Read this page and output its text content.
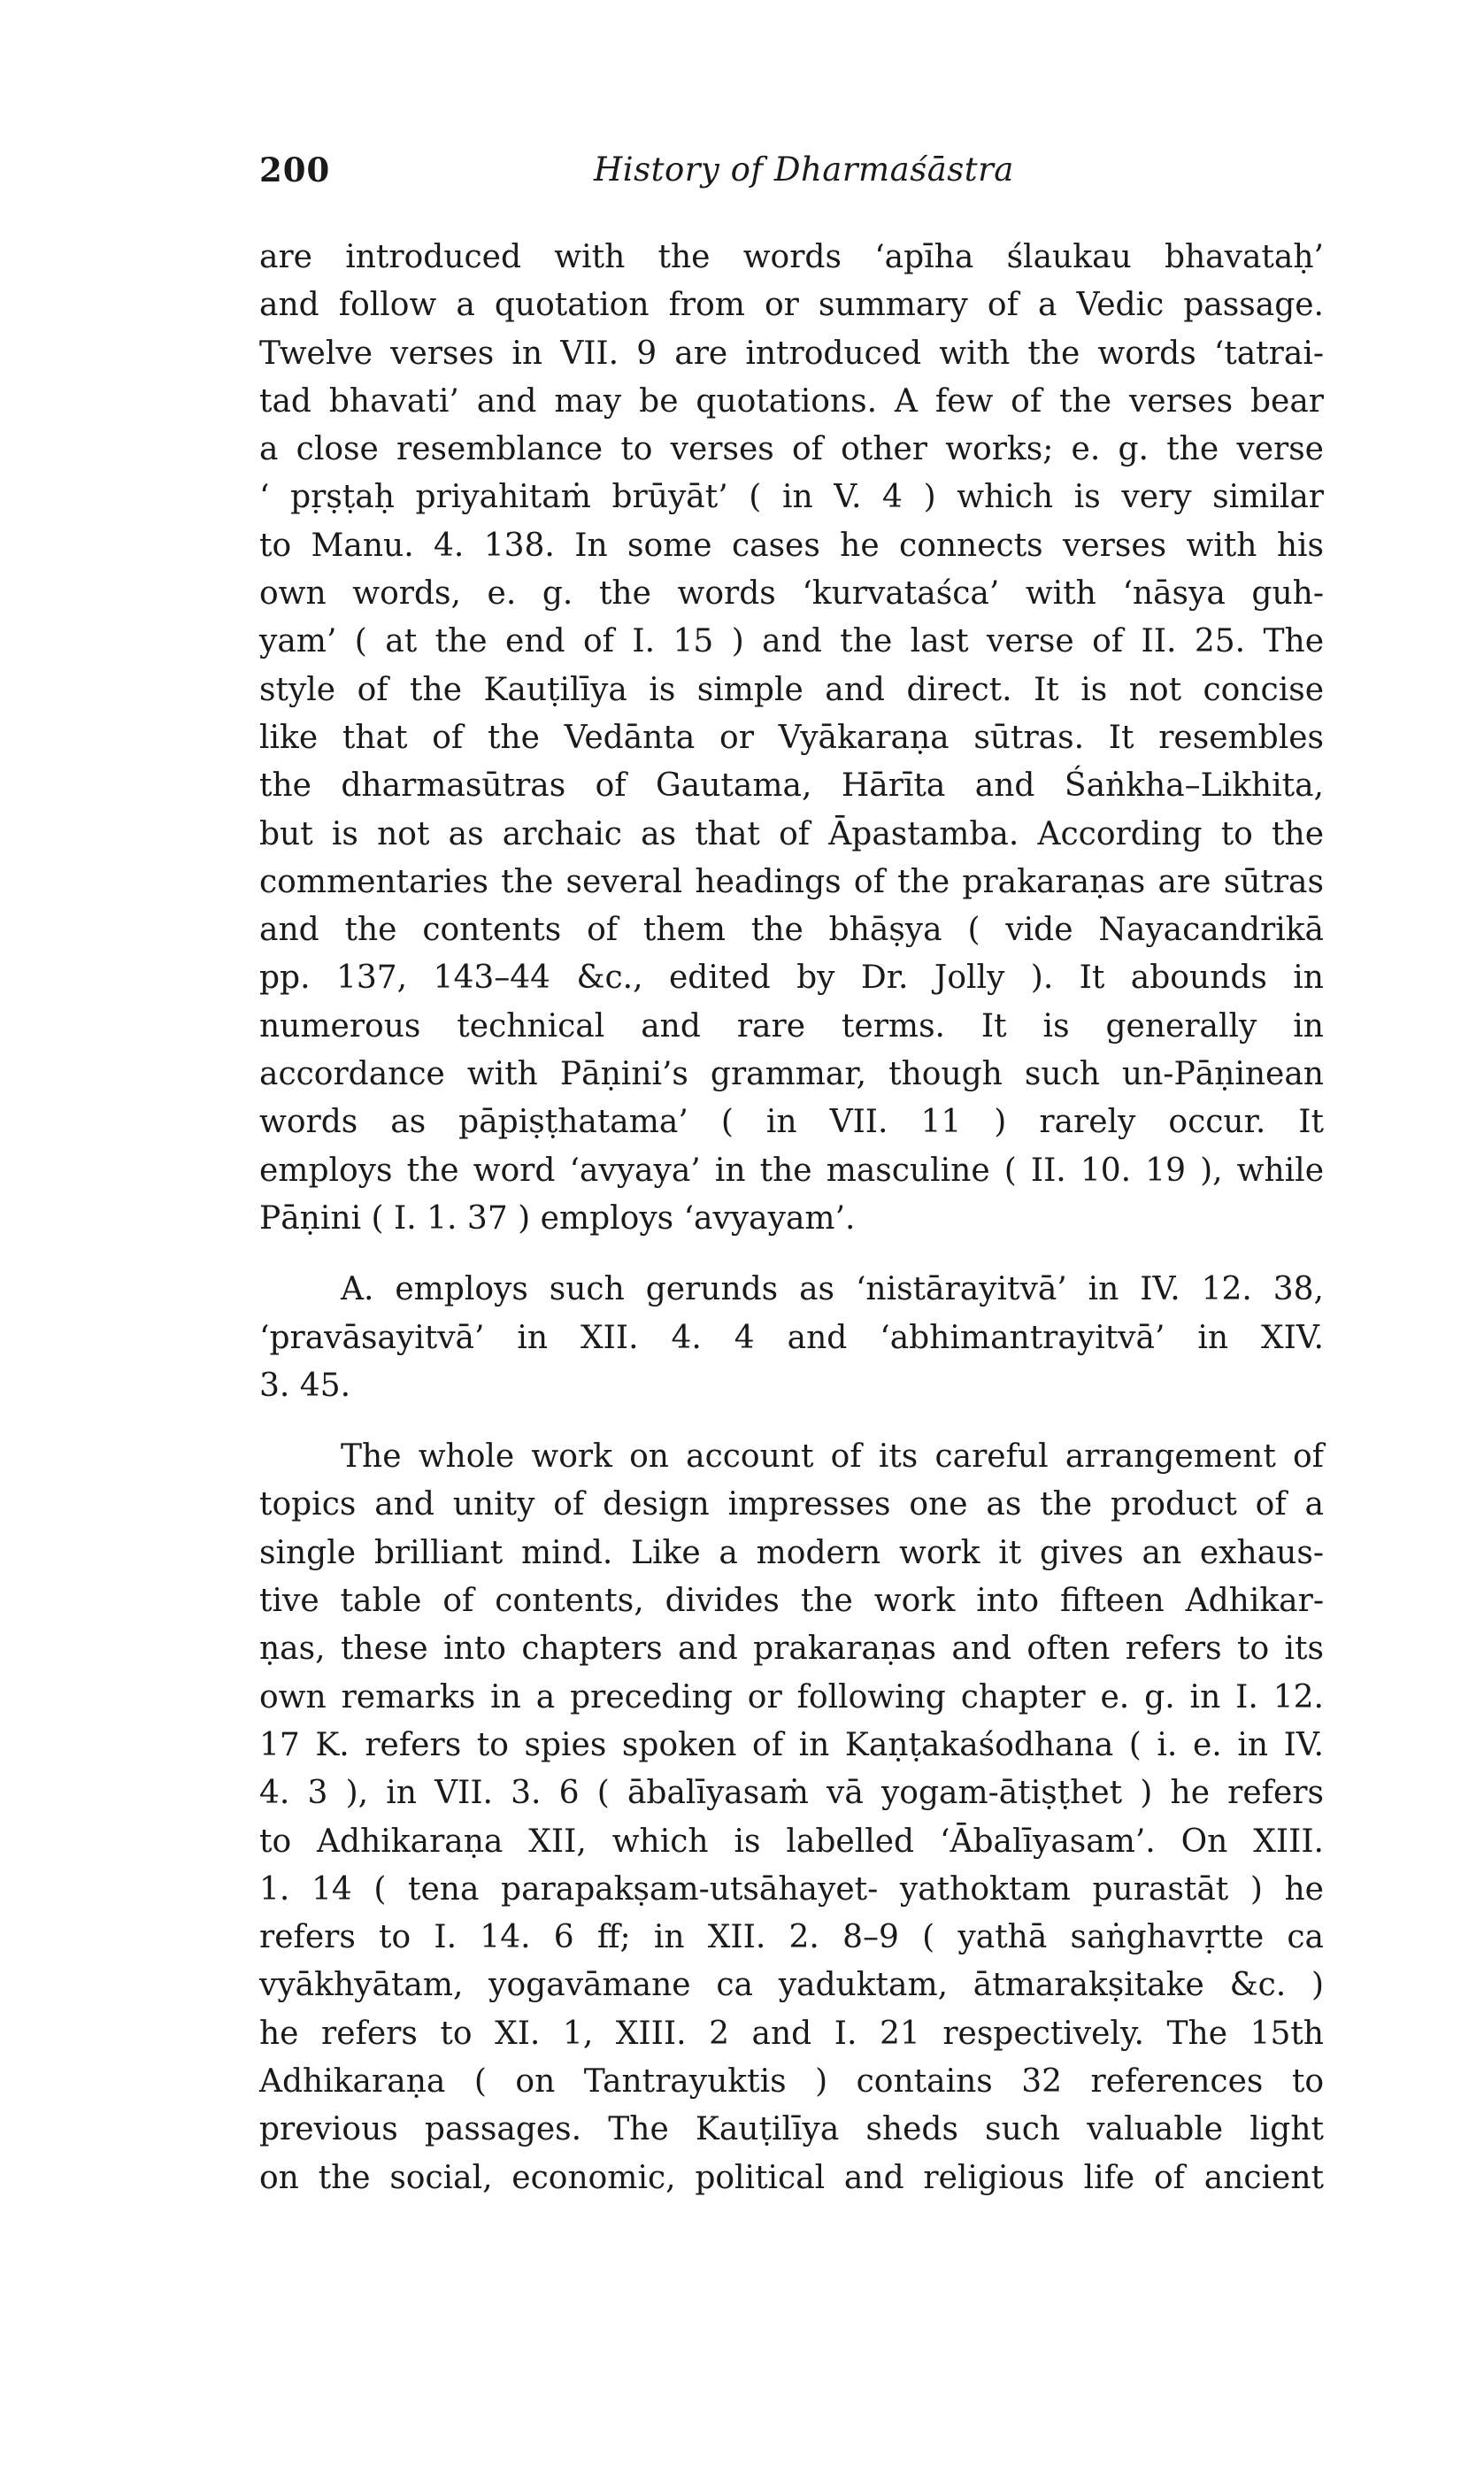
200	History of Dharmaśāstra
are introduced with the words ‘apīha ślaukau bhavataḥ’
and follow a quotation from or summary of a Vedic passage.
Twelve verses in VII. 9 are introduced with the words ‘tatrai-
tad bhavati’ and may be quotations. A few of the verses bear
a close resemblance to verses of other works; e. g. the verse
‘ pṛṣṭaḥ priyahitaṁ brūyāt’ ( in V. 4 ) which is very similar
to Manu. 4. 138. In some cases he connects verses with his
own words, e. g. the words ‘kurvataśca’ with ‘nāsya guh-
yam’ ( at the end of I. 15 ) and the last verse of II. 25. The
style of the Kauṭilīya is simple and direct. It is not concise
like that of the Vedānta or Vyākaraṇa sūtras. It resembles
the dharmasūtras of Gautama, Hārīta and Śaṅkha–Likhita,
but is not as archaic as that of Āpastamba. According to the
commentaries the several headings of the prakaraṇas are sūtras
and the contents of them the bhāṣya ( vide Nayacandrikā
pp. 137, 143–44 &c., edited by Dr. Jolly ). It abounds in
numerous technical and rare terms. It is generally in
accordance with Pāṇini’s grammar, though such un-Pāṇinean
words as pāpiṣṭhatama’ ( in VII. 11 ) rarely occur. It
employs the word ‘avyaya’ in the masculine ( II. 10. 19 ), while
Pāṇini ( I. 1. 37 ) employs ‘avyayam’.
A. employs such gerunds as ‘nistārayitvā’ in IV. 12. 38,
‘pravāsayitvā’ in XII. 4. 4 and ‘abhimantrayitvā’ in XIV.
3. 45.
The whole work on account of its careful arrangement of
topics and unity of design impresses one as the product of a
single brilliant mind. Like a modern work it gives an exhaus-
tive table of contents, divides the work into fifteen Adhikar-
ṇas, these into chapters and prakaraṇas and often refers to its
own remarks in a preceding or following chapter e. g. in I. 12.
17 K. refers to spies spoken of in Kaṇṭakaśodhana ( i. e. in IV.
4. 3 ), in VII. 3. 6 ( ābalīyasaṁ vā yogam-ātiṣṭhet ) he refers
to Adhikaraṇa XII, which is labelled ‘Ābalīyasam’. On XIII.
1. 14 ( tena parapakṣam-utsāhayet- yathoktam purastāt ) he
refers to I. 14. 6 ff; in XII. 2. 8–9 ( yathā saṅghavṛtte ca
vyākhyātam, yogavāmane ca yaduktam, ātmarakṣitake &c. )
he refers to XI. 1, XIII. 2 and I. 21 respectively. The 15th
Adhikaraṇa ( on Tantrayuktis ) contains 32 references to
previous passages. The Kauṭilīya sheds such valuable light
on the social, economic, political and religious life of ancient
